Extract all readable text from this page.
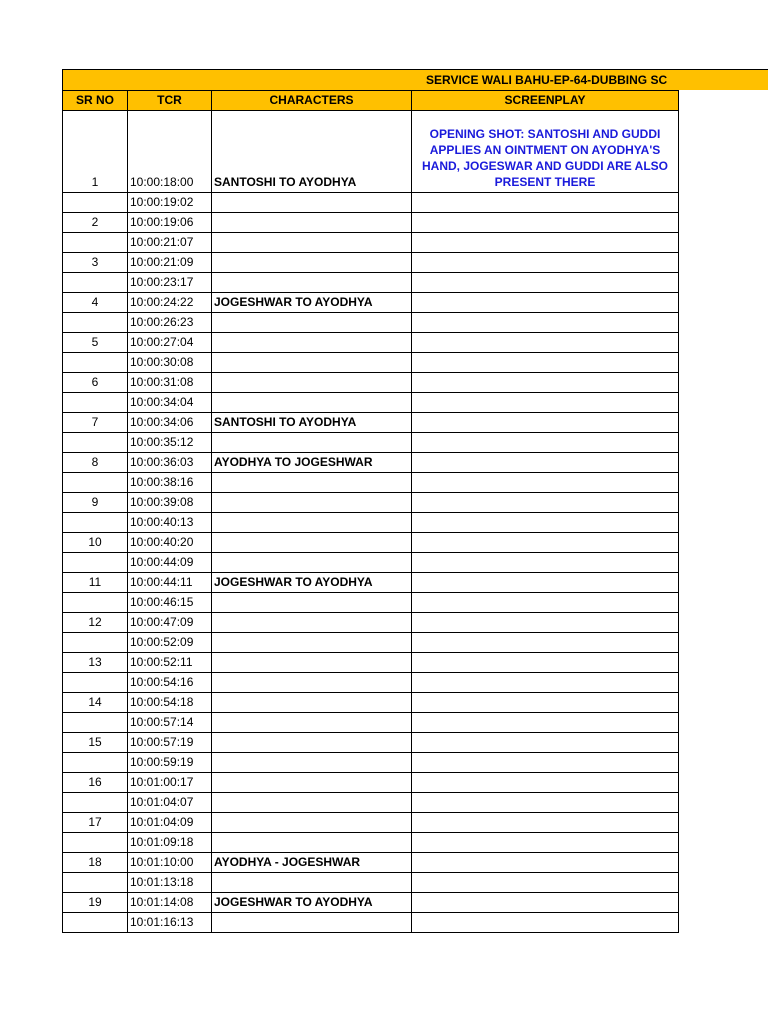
SERVICE WALI BAHU-EP-64-DUBBING SC
SR NO	TCR	CHARACTERS	SCREENPLAY
1	10:00:18:00	SANTOSHI TO AYODHYA	OPENING SHOT: SANTOSHI AND GUDDI APPLIES AN OINTMENT ON AYODHYA'S HAND, JOGESWAR AND GUDDI ARE ALSO PRESENT THERE

	10:00:19:02		
2	10:00:19:06		
	10:00:21:07		
3	10:00:21:09		
	10:00:23:17		
4	10:00:24:22	JOGESHWAR TO AYODHYA	
	10:00:26:23		
5	10:00:27:04		
	10:00:30:08		
6	10:00:31:08		
	10:00:34:04		
7	10:00:34:06	SANTOSHI TO AYODHYA	
	10:00:35:12		
8	10:00:36:03	AYODHYA TO JOGESHWAR	
	10:00:38:16		
9	10:00:39:08		
	10:00:40:13		
10	10:00:40:20		
	10:00:44:09		
11	10:00:44:11	JOGESHWAR TO AYODHYA	
	10:00:46:15		
12	10:00:47:09		
	10:00:52:09		
13	10:00:52:11		
	10:00:54:16		
14	10:00:54:18		
	10:00:57:14		
15	10:00:57:19		
	10:00:59:19		
16	10:01:00:17		
	10:01:04:07		
17	10:01:04:09		
	10:01:09:18		
18	10:01:10:00	AYODHYA - JOGESHWAR	
	10:01:13:18		
19	10:01:14:08	JOGESHWAR TO AYODHYA	
	10:01:16:13		
